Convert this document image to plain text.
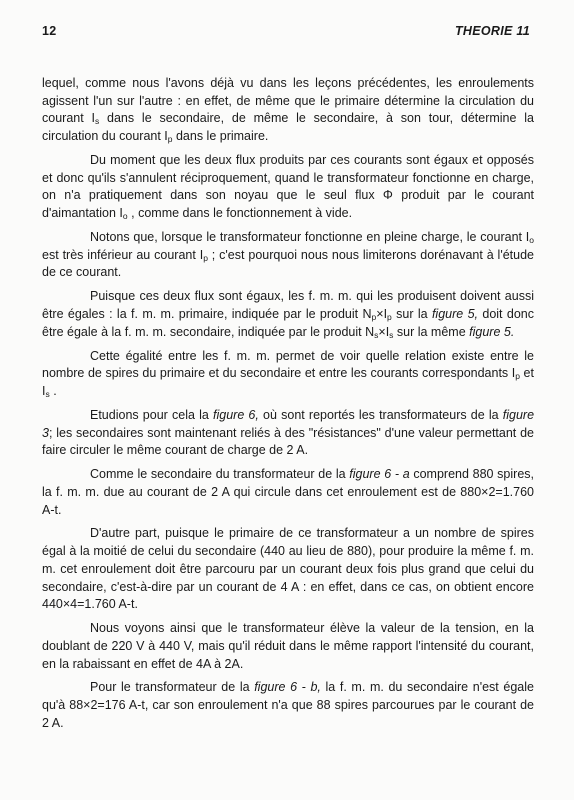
12	THEORIE 11

lequel, comme nous l'avons déjà vu dans les leçons précédentes, les enroulements agissent l'un sur l'autre : en effet, de même que le primaire détermine la circulation du courant $I_s$ dans le secondaire, de même le secondaire, à son tour, détermine la circulation du courant $I_p$ dans le primaire.

Du moment que les deux flux produits par ces courants sont égaux et opposés et donc qu'ils s'annulent réciproquement, quand le transformateur fonctionne en charge, on n'a pratiquement dans son noyau que le seul flux Φ produit par le courant d'aimantation $I_o$ , comme dans le fonctionnement à vide.

Notons que, lorsque le transformateur fonctionne en pleine charge, le courant $I_o$ est très inférieur au courant $I_p$ ; c'est pourquoi nous nous limiterons dorénavant à l'étude de ce courant.

Puisque ces deux flux sont égaux, les f. m. m. qui les produisent doivent aussi être égales : la f. m. m. primaire, indiquée par le produit $N_p\times I_p$ sur la figure 5, doit donc être égale à la f. m. m. secondaire, indiquée par le produit $N_s\times I_s$ sur la même figure 5.

Cette égalité entre les f. m. m. permet de voir quelle relation existe entre le nombre de spires du primaire et du secondaire et entre les courants correspondants $I_p$ et $I_s$ .

Etudions pour cela la figure 6, où sont reportés les transformateurs de la figure 3; les secondaires sont maintenant reliés à des "résistances" d'une valeur permettant de faire circuler le même courant de charge de 2 A.

Comme le secondaire du transformateur de la figure 6 - a comprend 880 spires, la f. m. m. due au courant de 2 A qui circule dans cet enroulement est de 880×2=1.760 A-t.

D'autre part, puisque le primaire de ce transformateur a un nombre de spires égal à la moitié de celui du secondaire (440 au lieu de 880), pour produire la même f. m. m. cet enroulement doit être parcouru par un courant deux fois plus grand que celui du secondaire, c'est-à-dire par un courant de 4 A : en effet, dans ce cas, on obtient encore 440×4=1.760 A-t.

Nous voyons ainsi que le transformateur élève la valeur de la tension, en la doublant de 220 V à 440 V, mais qu'il réduit dans le même rapport l'intensité du courant, en la rabaissant en effet de 4A à 2A.

Pour le transformateur de la figure 6 - b, la f. m. m. du secondaire n'est égale qu'à 88×2=176 A-t, car son enroulement n'a que 88 spires parcourues par le courant de 2 A.
